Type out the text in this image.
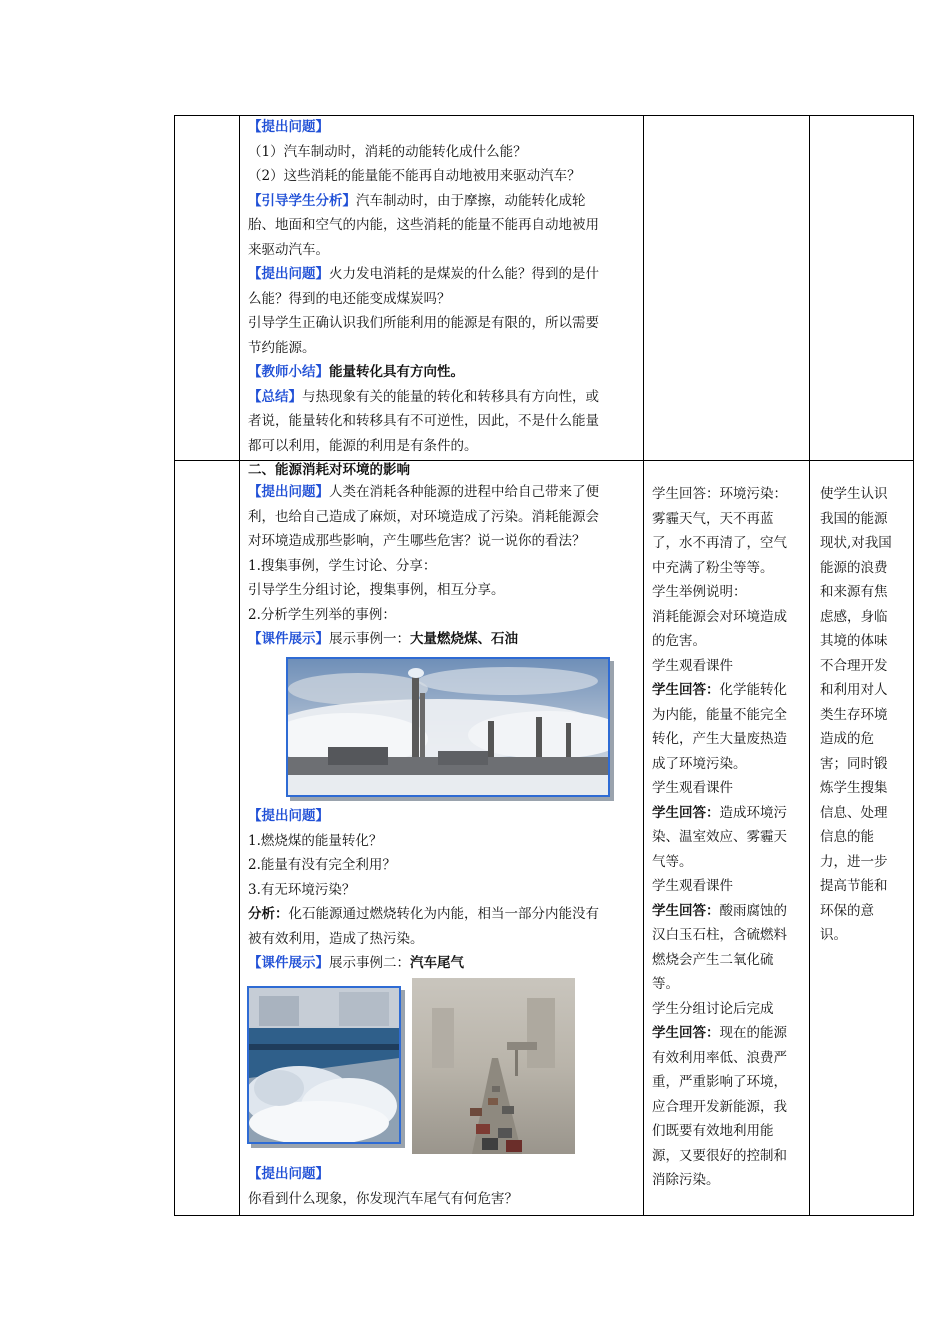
【提出问题】

（1）汽车制动时，消耗的动能转化成什么能？

（2）这些消耗的能量能不能再自动地被用来驱动汽车？

【引导学生分析】汽车制动时，由于摩擦，动能转化成轮

胎、地面和空气的内能，这些消耗的能量不能再自动地被用

来驱动汽车。

【提出问题】火力发电消耗的是煤炭的什么能？得到的是什

么能？得到的电还能变成煤炭吗？

引导学生正确认识我们所能利用的能源是有限的，所以需要

节约能源。

【教师小结】能量转化具有方向性。

【总结】与热现象有关的能量的转化和转移具有方向性，或

者说，能量转化和转移具有不可逆性，因此，不是什么能量

都可以利用，能源的利用是有条件的。

二、能源消耗对环境的影响

【提出问题】人类在消耗各种能源的进程中给自己带来了便

利，也给自己造成了麻烦，对环境造成了污染。消耗能源会

对环境造成那些影响，产生哪些危害？说一说你的看法？

1.搜集事例，学生讨论、分享：

引导学生分组讨论，搜集事例，相互分享。

2.分析学生列举的事例：

【课件展示】展示事例一：大量燃烧煤、石油

【提出问题】

1.燃烧煤的能量转化？

2.能量有没有完全利用？

3.有无环境污染？

分析：化石能源通过燃烧转化为内能，相当一部分内能没有

被有效利用，造成了热污染。

【课件展示】展示事例二：汽车尾气

【提出问题】

你看到什么现象，你发现汽车尾气有何危害？

学生回答：环境污染：

雾霾天气，天不再蓝

了，水不再清了，空气

中充满了粉尘等等。

学生举例说明：

消耗能源会对环境造成

的危害。

学生观看课件

学生回答：化学能转化

为内能，能量不能完全

转化，产生大量废热造

成了环境污染。

学生观看课件

学生回答：造成环境污

染、温室效应、雾霾天

气等。

学生观看课件

学生回答：酸雨腐蚀的

汉白玉石柱，含硫燃料

燃烧会产生二氧化硫

等。

学生分组讨论后完成

学生回答：现在的能源

有效利用率低、浪费严

重，严重影响了环境，

应合理开发新能源，我

们既要有效地利用能

源，又要很好的控制和

消除污染。

使学生认识

我国的能源

现状,对我国

能源的浪费

和来源有焦

虑感，身临

其境的体味

不合理开发

和利用对人

类生存环境

造成的危

害；同时锻

炼学生搜集

信息、处理

信息的能

力，进一步

提高节能和

环保的意

识。
